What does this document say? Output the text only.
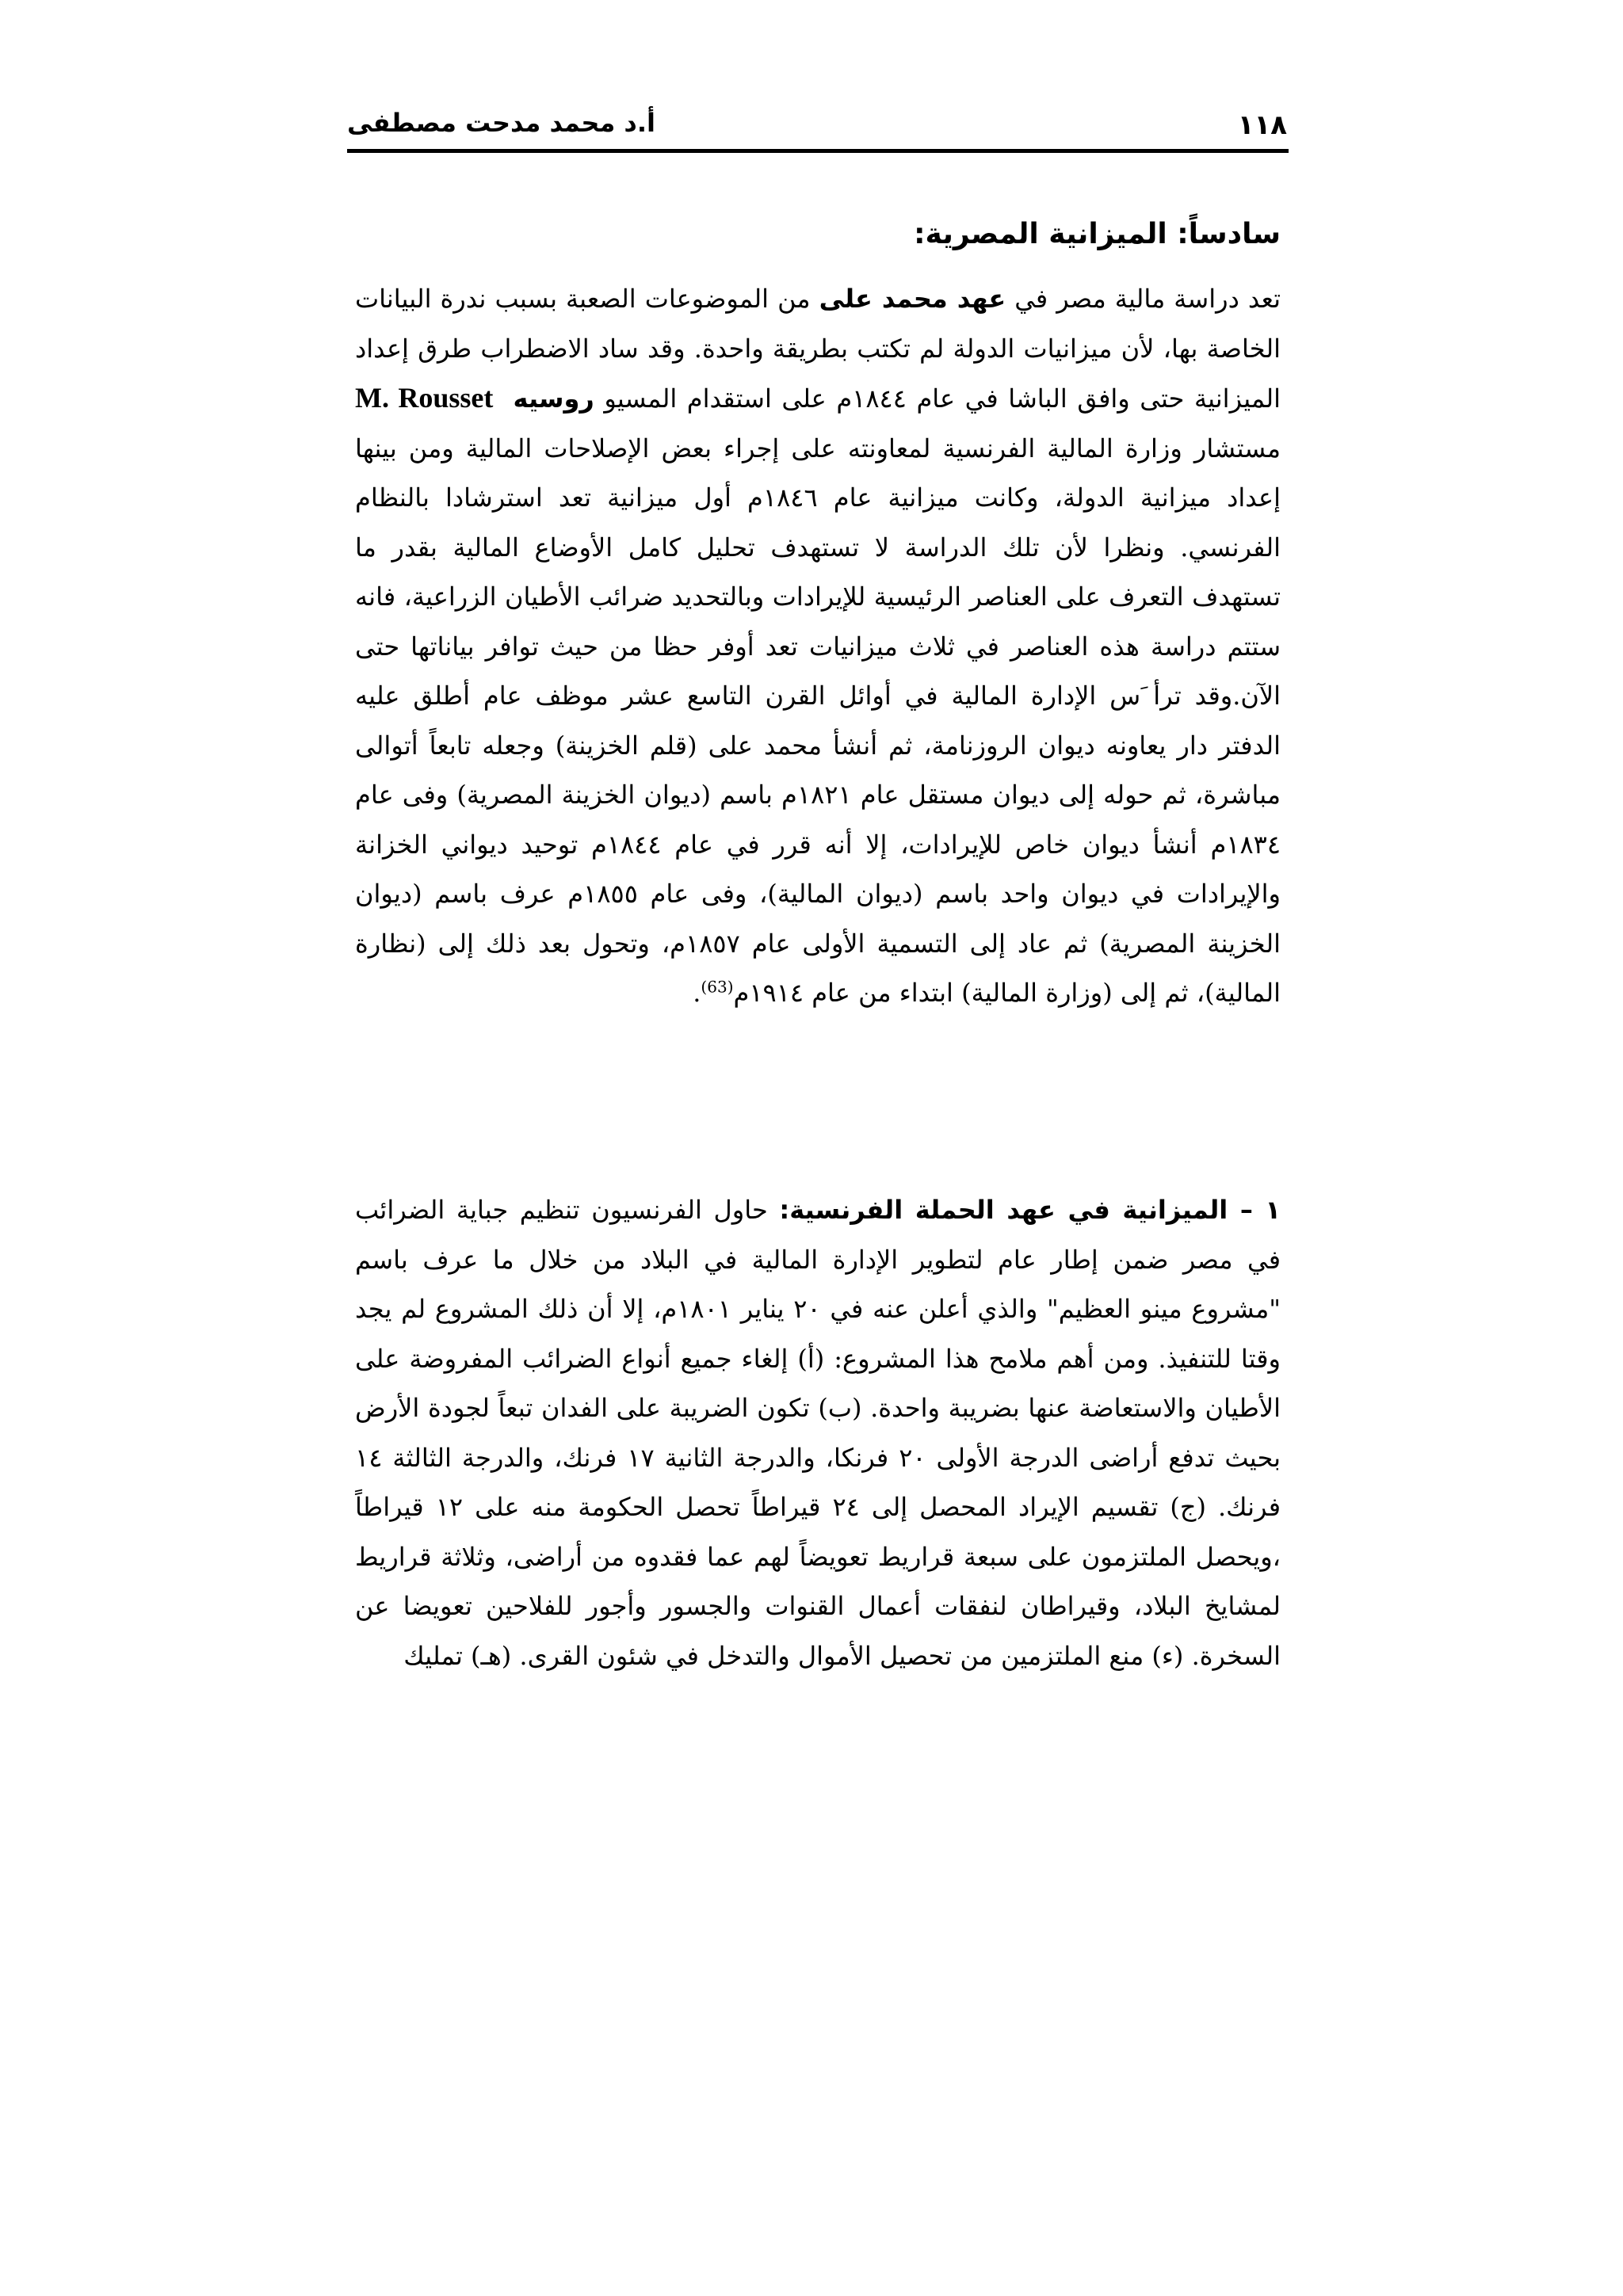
١١٨
أ.د محمد مدحت مصطفى
سادساً: الميزانية المصرية:

تعد دراسة مالية مصر في عهد محمد على من الموضوعات الصعبة بسبب ندرة البيانات الخاصة بها، لأن ميزانيات الدولة لم تكتب بطريقة واحدة. وقد ساد الاضطراب طرق إعداد الميزانية حتى وافق الباشا في عام ١٨٤٤م على استقدام المسيو روسيه  M. Rousset مستشار وزارة المالية الفرنسية لمعاونته على إجراء بعض الإصلاحات المالية ومن بينها إعداد ميزانية الدولة، وكانت ميزانية عام ١٨٤٦م أول ميزانية تعد استرشادا بالنظام الفرنسي. ونظرا لأن تلك الدراسة لا تستهدف تحليل كامل الأوضاع المالية بقدر ما تستهدف التعرف على العناصر الرئيسية للإيرادات وبالتحديد ضرائب الأطيان الزراعية، فانه ستتم دراسة هذه العناصر في ثلاث ميزانيات تعد أوفر حظا من حيث توافر بياناتها حتى الآن.وقد ترأ َس الإدارة المالية في أوائل القرن التاسع عشر موظف عام أطلق عليه الدفتر دار يعاونه ديوان الروزنامة، ثم أنشأ محمد على (قلم الخزينة) وجعله تابعاً أتوالى مباشرة، ثم حوله إلى ديوان مستقل عام ١٨٢١م باسم (ديوان الخزينة المصرية) وفى عام ١٨٣٤م أنشأ ديوان خاص للإيرادات، إلا أنه قرر في عام ١٨٤٤م توحيد ديواني الخزانة والإيرادات في ديوان واحد باسم (ديوان المالية)، وفى عام ١٨٥٥م عرف باسم (ديوان الخزينة المصرية) ثم عاد إلى التسمية الأولى عام ١٨٥٧م، وتحول بعد ذلك إلى (نظارة المالية)، ثم إلى (وزارة المالية) ابتداء من عام ١٩١٤م$^{(63)}$.

١ – الميزانية في عهد الحملة الفرنسية: حاول الفرنسيون تنظيم جباية الضرائب في مصر ضمن إطار عام لتطوير الإدارة المالية في البلاد من خلال ما عرف باسم "مشروع مينو العظيم" والذي أعلن عنه في ٢٠ يناير ١٨٠١م، إلا أن ذلك المشروع لم يجد وقتا للتنفيذ. ومن أهم ملامح هذا المشروع: (أ) إلغاء جميع أنواع الضرائب المفروضة على الأطيان والاستعاضة عنها بضريبة واحدة. (ب) تكون الضريبة على الفدان تبعاً لجودة الأرض بحيث تدفع أراضى الدرجة الأولى ٢٠ فرنكا، والدرجة الثانية ١٧ فرنك، والدرجة الثالثة ١٤ فرنك. (ج) تقسيم الإيراد المحصل إلى ٢٤ قيراطاً تحصل الحكومة منه على ١٢ قيراطاً ،ويحصل الملتزمون على سبعة قراريط تعويضاً لهم عما فقدوه من أراضى، وثلاثة قراريط لمشايخ البلاد، وقيراطان لنفقات أعمال القنوات والجسور وأجور للفلاحين تعويضا عن السخرة. (ء) منع الملتزمين من تحصيل الأموال والتدخل في شئون القرى. (هـ) تمليك
